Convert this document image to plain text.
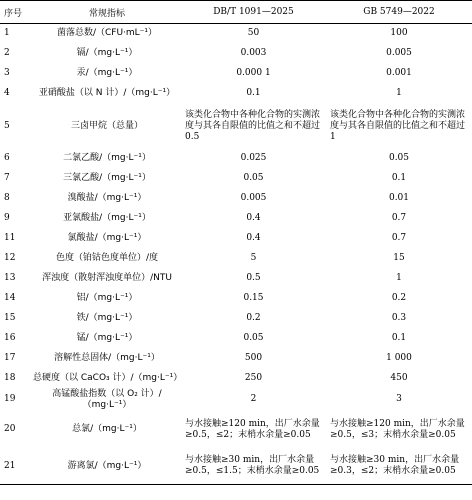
序号	常规指标	DB/T 1091—2025	GB 5749—2022
1	菌落总数/（CFU·mL⁻¹）	50	100
2	镉/（mg·L⁻¹）	0.003	0.005
3	汞/（mg·L⁻¹）	0.000 1	0.001
4	亚硝酸盐（以 N 计）/（mg·L⁻¹）	0.1	1
5	三卤甲烷（总量）	该类化合物中各种化合物的实测浓度与其各自限值的比值之和不超过 0.5	该类化合物中各种化合物的实测浓度与其各自限值的比值之和不超过 1
6	二氯乙酸/（mg·L⁻¹）	0.025	0.05
7	三氯乙酸/（mg·L⁻¹）	0.05	0.1
8	溴酸盐/（mg·L⁻¹）	0.005	0.01
9	亚氯酸盐/（mg·L⁻¹）	0.4	0.7
11	氯酸盐/（mg·L⁻¹）	0.4	0.7
12	色度（铂钴色度单位）/度	5	15
13	浑浊度（散射浑浊度单位）/NTU	0.5	1
14	铝/（mg·L⁻¹）	0.15	0.2
15	铁/（mg·L⁻¹）	0.2	0.3
16	锰/（mg·L⁻¹）	0.05	0.1
17	溶解性总固体/（mg·L⁻¹）	500	1 000
18	总硬度（以 CaCO₃ 计）/（mg·L⁻¹）	250	450
19	高锰酸盐指数（以 O₂ 计）/（mg·L⁻¹）	2	3
20	总氯/（mg·L⁻¹）	与水接触≥120 min，出厂水余量≥0.5，≤2；末梢水余量≥0.05	与水接触≥120 min，出厂水余量≥0.5，≤3；末梢水余量≥0.05
21	游离氯/（mg·L⁻¹）	与水接触≥30 min，出厂水余量≥0.5，≤1.5；末梢水余量≥0.05	与水接触≥30 min，出厂水余量≥0.3，≤2；末梢水余量≥0.05
